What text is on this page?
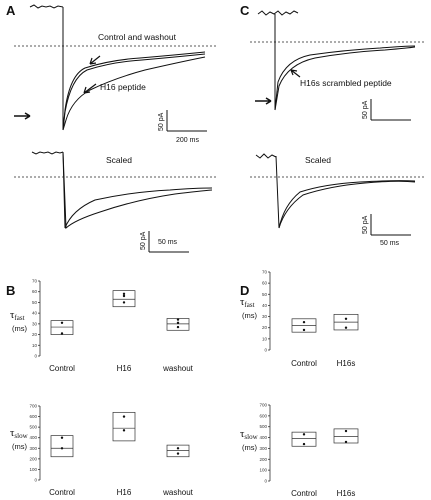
A
Control and washout
H16 peptide
50 pA
200 ms
Scaled
50 pA 50 ms
C
H16s scrambled peptide
50 pA
Scaled
50 pA
50 ms
B	D
τfast
(ms)
τslow
(ms)
τfast
(ms)
τslow
(ms)
0
10
20
30
40
50
60
70
Control	H16	washout
0
100
200
300
400
500
600
700
Control	H16	washout
0
10
20
30
40
50
60
70
Control H16s
0
100
200
300
400
500
600
700
Control H16s
